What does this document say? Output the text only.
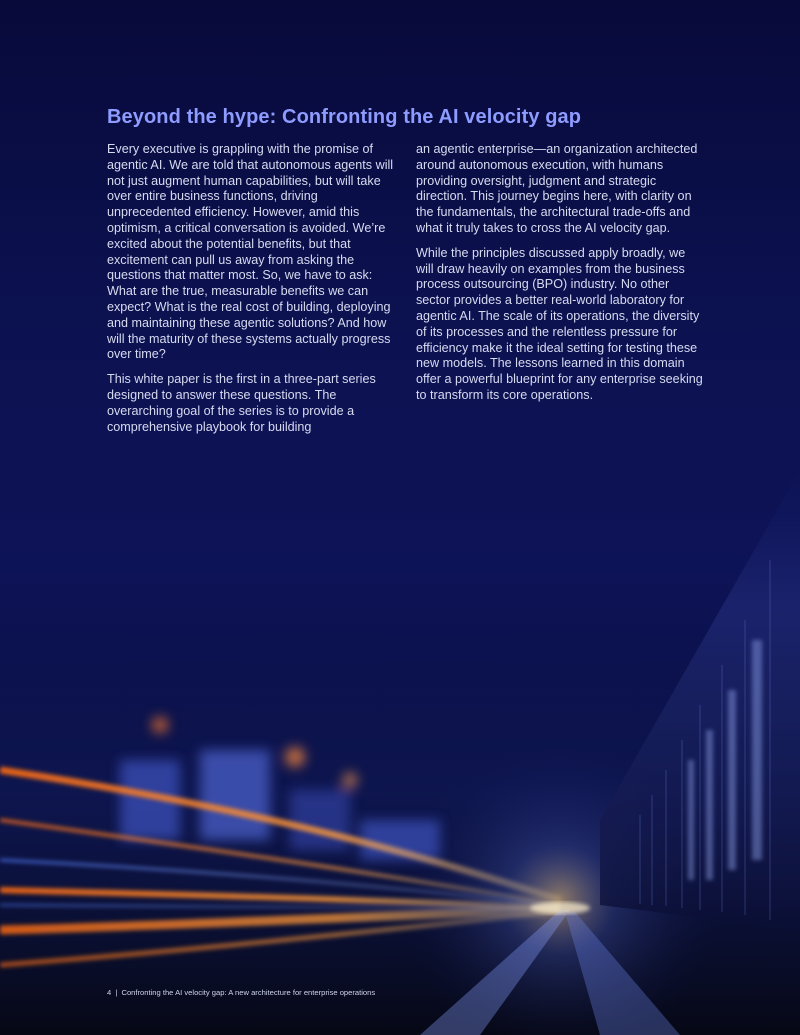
Beyond the hype: Confronting the AI velocity gap

Every executive is grappling with the promise of agentic AI. We are told that autonomous agents will not just augment human capabilities, but will take over entire business functions, driving unprecedented efficiency. However, amid this optimism, a critical conversation is avoided. We’re excited about the potential benefits, but that excitement can pull us away from asking the questions that matter most. So, we have to ask: What are the true, measurable benefits we can expect? What is the real cost of building, deploying and maintaining these agentic solutions? And how will the maturity of these systems actually progress over time?

This white paper is the first in a three-part series designed to answer these questions. The overarching goal of the series is to provide a comprehensive playbook for building

an agentic enterprise—an organization architected around autonomous execution, with humans providing oversight, judgment and strategic direction. This journey begins here, with clarity on the fundamentals, the architectural trade-offs and what it truly takes to cross the AI velocity gap.

While the principles discussed apply broadly, we will draw heavily on examples from the business process outsourcing (BPO) industry. No other sector provides a better real-world laboratory for agentic AI. The scale of its operations, the diversity of its processes and the relentless pressure for efficiency make it the ideal setting for testing these new models. The lessons learned in this domain offer a powerful blueprint for any enterprise seeking to transform its core operations.

4 | Confronting the AI velocity gap: A new architecture for enterprise operations
